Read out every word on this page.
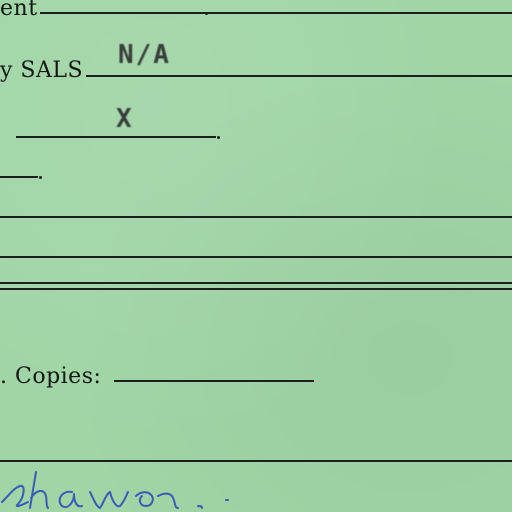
ent
y SALS
N/A
X
. Copies:
